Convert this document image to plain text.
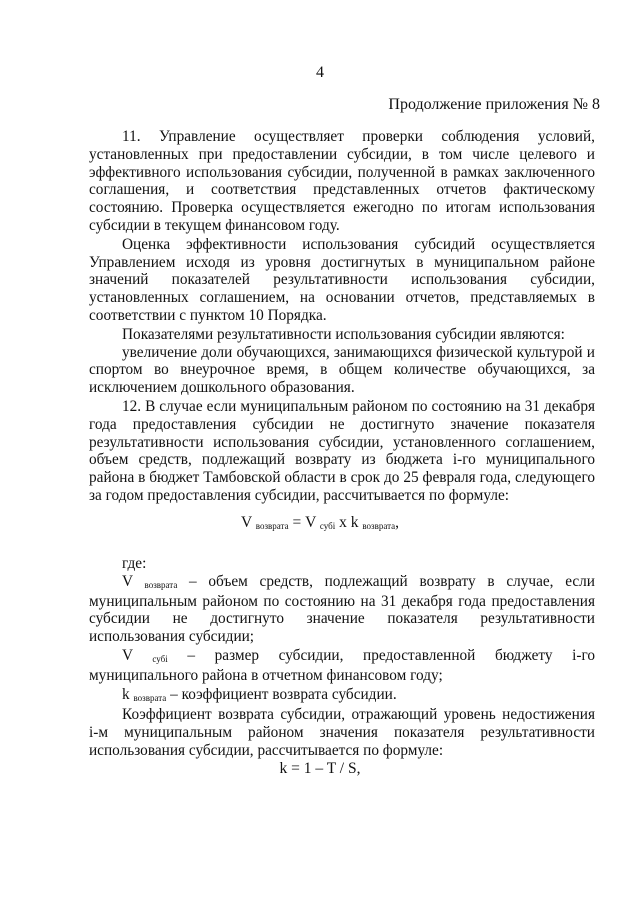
4
Продолжение приложения № 8

11. Управление осуществляет проверки соблюдения условий, установленных при предоставлении субсидии, в том числе целевого и эффективного использования субсидии, полученной в рамках заключенного соглашения, и соответствия представленных отчетов фактическому состоянию. Проверка осуществляется ежегодно по итогам использования субсидии в текущем финансовом году.

Оценка эффективности использования субсидий осуществляется Управлением исходя из уровня достигнутых в муниципальном районе значений показателей результативности использования субсидии, установленных соглашением, на основании отчетов, представляемых в соответствии с пунктом 10 Порядка.

Показателями результативности использования субсидии являются:

увеличение доли обучающихся, занимающихся физической культурой и спортом во внеурочное время, в общем количестве обучающихся, за исключением дошкольного образования.

12. В случае если муниципальным районом по состоянию на 31 декабря года предоставления субсидии не достигнуто значение показателя результативности использования субсидии, установленного соглашением, объем средств, подлежащий возврату из бюджета i-го муниципального района в бюджет Тамбовской области в срок до 25 февраля года, следующего за годом предоставления субсидии, рассчитывается по формуле:

V возврата = V субi x k возврата,

где:

V возврата – объем средств, подлежащий возврату в случае, если муниципальным районом по состоянию на 31 декабря года предоставления субсидии не достигнуто значение показателя результативности использования субсидии;

V субi – размер субсидии, предоставленной бюджету i-го муниципального района в отчетном финансовом году;

k возврата – коэффициент возврата субсидии.

Коэффициент возврата субсидии, отражающий уровень недостижения i-м муниципальным районом значения показателя результативности использования субсидии, рассчитывается по формуле:

k = 1 – T / S,
